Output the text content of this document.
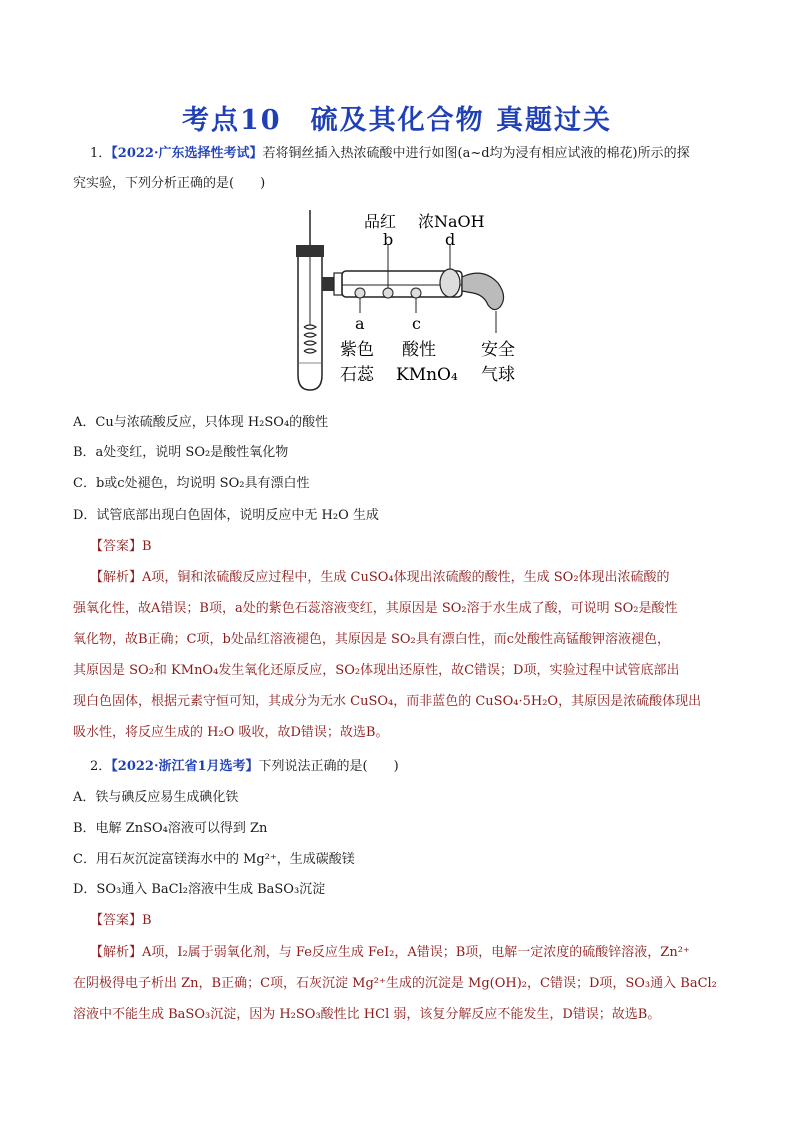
考点10　硫及其化合物 真题过关
1．【2022·广东选择性考试】若将铜丝插入热浓硫酸中进行如图(a~d均为浸有相应试液的棉花)所示的探
究实验，下列分析正确的是(　　)
品红 浓NaOH
b	d
a	c
紫色
石蕊
酸性
KMnO₄
安全
气球
A．Cu与浓硫酸反应，只体现 H₂SO₄的酸性
B．a处变红，说明 SO₂是酸性氧化物
C．b或c处褪色，均说明 SO₂具有漂白性
D．试管底部出现白色固体，说明反应中无 H₂O 生成
【答案】B
【解析】A项，铜和浓硫酸反应过程中，生成 CuSO₄体现出浓硫酸的酸性，生成 SO₂体现出浓硫酸的
强氧化性，故A错误；B项，a处的紫色石蕊溶液变红，其原因是 SO₂溶于水生成了酸，可说明 SO₂是酸性
氧化物，故B正确；C项，b处品红溶液褪色，其原因是 SO₂具有漂白性，而c处酸性高锰酸钾溶液褪色，
其原因是 SO₂和 KMnO₄发生氧化还原反应，SO₂体现出还原性，故C错误；D项，实验过程中试管底部出
现白色固体，根据元素守恒可知，其成分为无水 CuSO₄，而非蓝色的 CuSO₄·5H₂O，其原因是浓硫酸体现出
吸水性，将反应生成的 H₂O 吸收，故D错误；故选B。
2．【2022·浙江省1月选考】下列说法正确的是(　　)
A．铁与碘反应易生成碘化铁
B．电解 ZnSO₄溶液可以得到 Zn
C．用石灰沉淀富镁海水中的 Mg²⁺，生成碳酸镁
D．SO₃通入 BaCl₂溶液中生成 BaSO₃沉淀
【答案】B
【解析】A项，I₂属于弱氧化剂，与 Fe反应生成 FeI₂，A错误；B项，电解一定浓度的硫酸锌溶液，Zn²⁺
在阴极得电子析出 Zn，B正确；C项，石灰沉淀 Mg²⁺生成的沉淀是 Mg(OH)₂，C错误；D项，SO₃通入 BaCl₂
溶液中不能生成 BaSO₃沉淀，因为 H₂SO₃酸性比 HCl 弱，该复分解反应不能发生，D错误；故选B。
